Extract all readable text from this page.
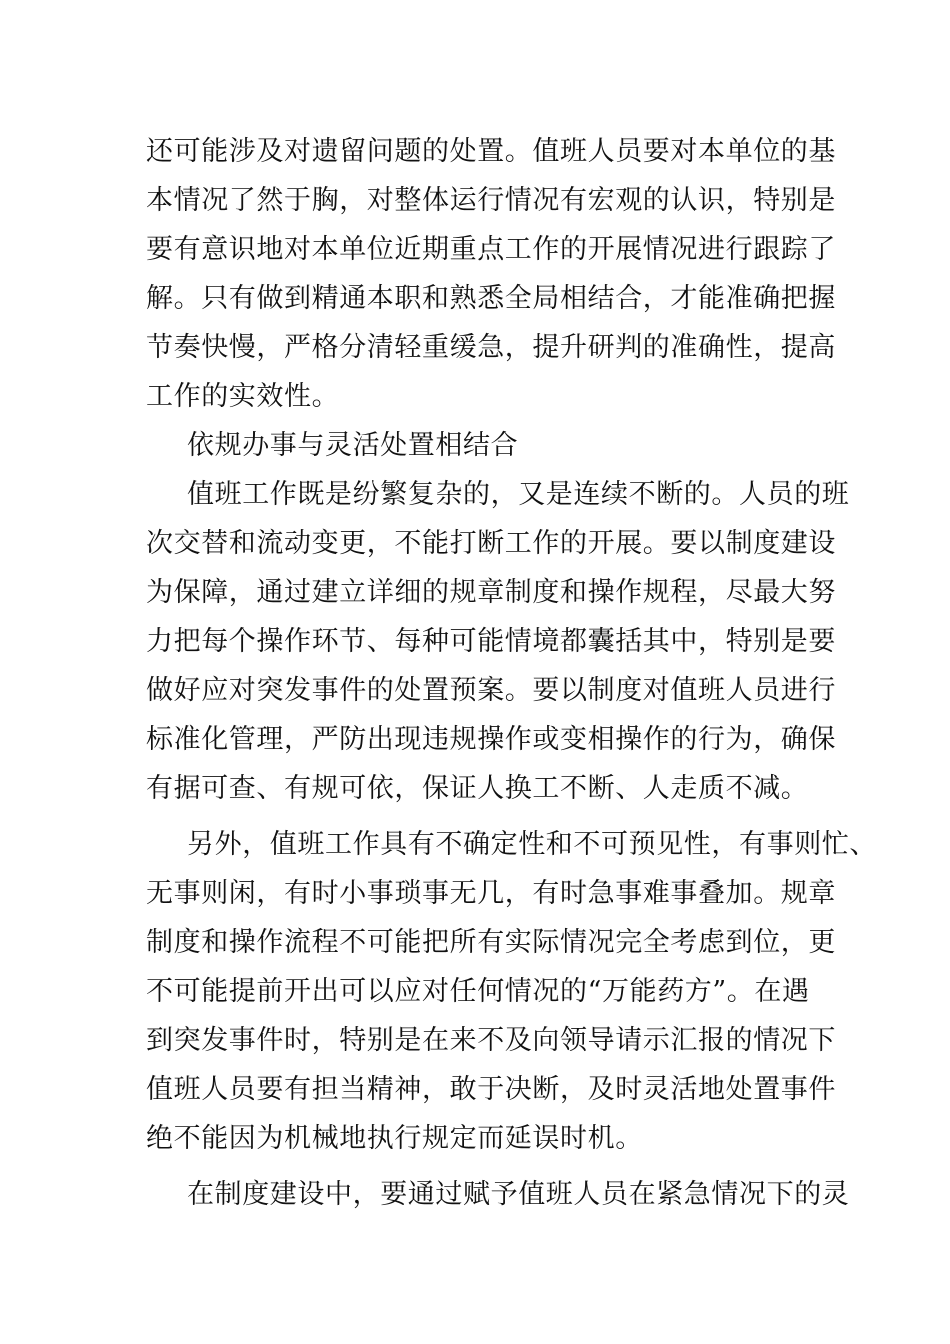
还可能涉及对遗留问题的处置。值班人员要对本单位的基
本情况了然于胸，对整体运行情况有宏观的认识，特别是
要有意识地对本单位近期重点工作的开展情况进行跟踪了
解。只有做到精通本职和熟悉全局相结合，才能准确把握
节奏快慢，严格分清轻重缓急，提升研判的准确性，提高
工作的实效性。
依规办事与灵活处置相结合
值班工作既是纷繁复杂的，又是连续不断的。人员的班
次交替和流动变更，不能打断工作的开展。要以制度建设
为保障，通过建立详细的规章制度和操作规程，尽最大努
力把每个操作环节、每种可能情境都囊括其中，特别是要
做好应对突发事件的处置预案。要以制度对值班人员进行
标准化管理，严防出现违规操作或变相操作的行为，确保
有据可查、有规可依，保证人换工不断、人走质不减。
另外，值班工作具有不确定性和不可预见性，有事则忙、
无事则闲，有时小事琐事无几，有时急事难事叠加。规章
制度和操作流程不可能把所有实际情况完全考虑到位，更
不可能提前开出可以应对任何情况的“万能药方”。在遇
到突发事件时，特别是在来不及向领导请示汇报的情况下
值班人员要有担当精神，敢于决断，及时灵活地处置事件
绝不能因为机械地执行规定而延误时机。
在制度建设中，要通过赋予值班人员在紧急情况下的灵
